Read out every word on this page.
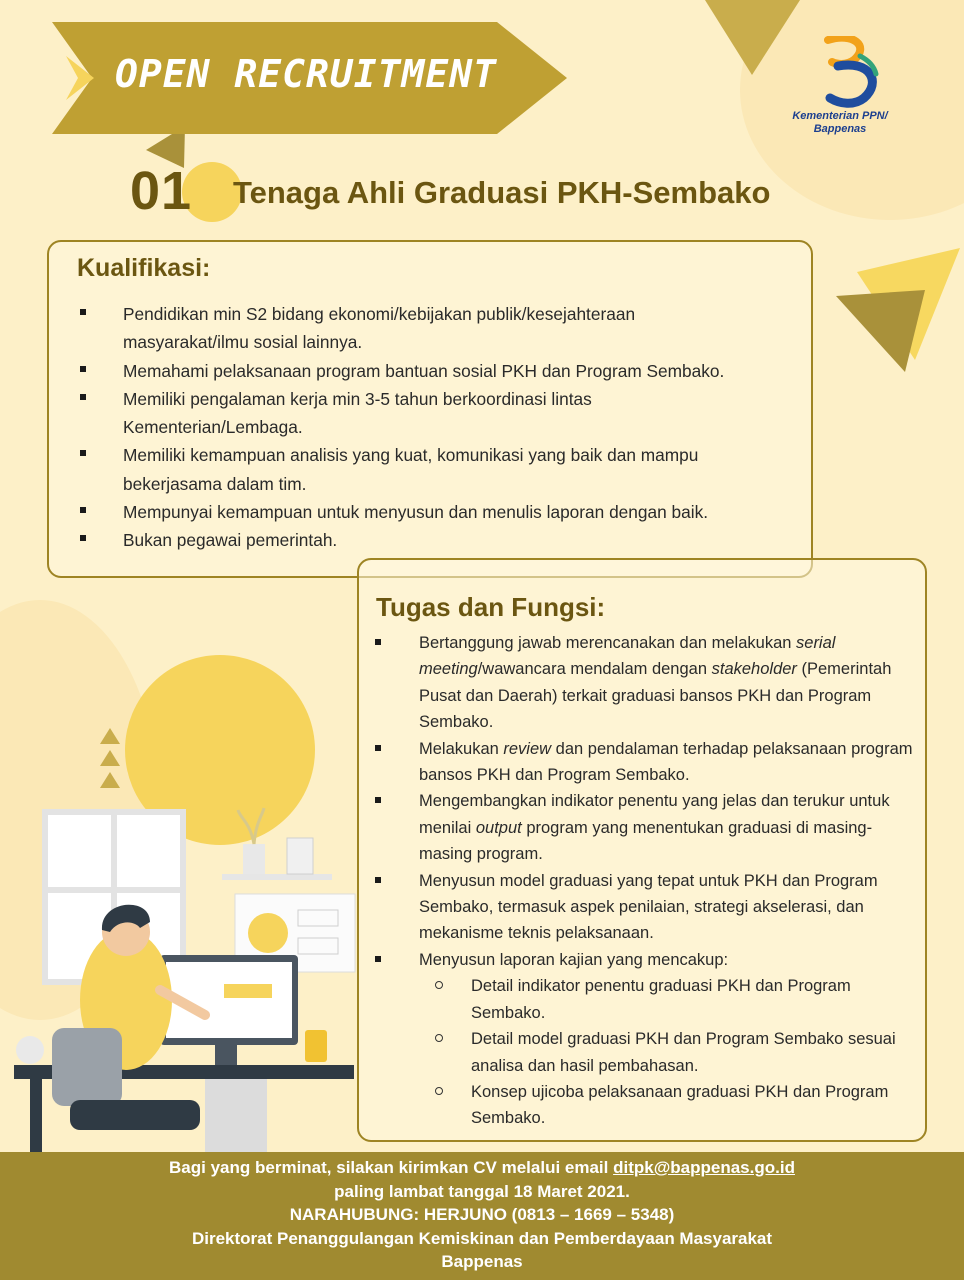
OPEN RECRUITMENT
Kementerian PPN/
Bappenas
01 Tenaga Ahli Graduasi PKH-Sembako
Kualifikasi:
Pendidikan min S2 bidang ekonomi/kebijakan publik/kesejahteraan
masyarakat/ilmu sosial lainnya.
Memahami pelaksanaan program bantuan sosial PKH dan Program Sembako.
Memiliki pengalaman kerja min 3-5 tahun berkoordinasi lintas
Kementerian/Lembaga.
Memiliki kemampuan analisis yang kuat, komunikasi yang baik dan mampu
bekerjasama dalam tim.
Mempunyai kemampuan untuk menyusun dan menulis laporan dengan baik.
Bukan pegawai pemerintah.
Tugas dan Fungsi:
Bertanggung jawab merencanakan dan melakukan serial meeting/wawancara mendalam dengan stakeholder (Pemerintah Pusat dan Daerah) terkait graduasi bansos PKH dan Program Sembako.
Melakukan review dan pendalaman terhadap pelaksanaan program bansos PKH dan Program Sembako.
Mengembangkan indikator penentu yang jelas dan terukur untuk menilai output program yang menentukan graduasi di masing-masing program.
Menyusun model graduasi yang tepat untuk PKH dan Program Sembako, termasuk aspek penilaian, strategi akselerasi, dan mekanisme teknis pelaksanaan.
Menyusun laporan kajian yang mencakup:
Detail indikator penentu graduasi PKH dan Program Sembako.
Detail model graduasi PKH dan Program Sembako sesuai analisa dan hasil pembahasan.
Konsep ujicoba pelaksanaan graduasi PKH dan Program Sembako.
Bagi yang berminat, silakan kirimkan CV melalui email ditpk@bappenas.go.id
paling lambat tanggal 18 Maret 2021.
NARAHUBUNG: HERJUNO (0813 – 1669 – 5348)
Direktorat Penanggulangan Kemiskinan dan Pemberdayaan Masyarakat
Bappenas
